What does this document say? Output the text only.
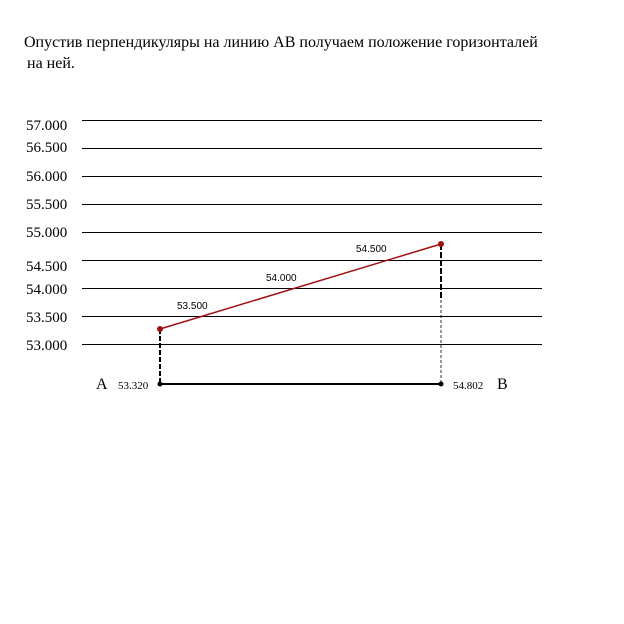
Опустив перпендикуляры на линию АВ получаем положение горизонталей
на ней.

57.000
56.500
56.000
55.500
55.000
54.500
54.000
53.500
53.000
53.500
54.000
54.500
А 53.320	54.802 В
